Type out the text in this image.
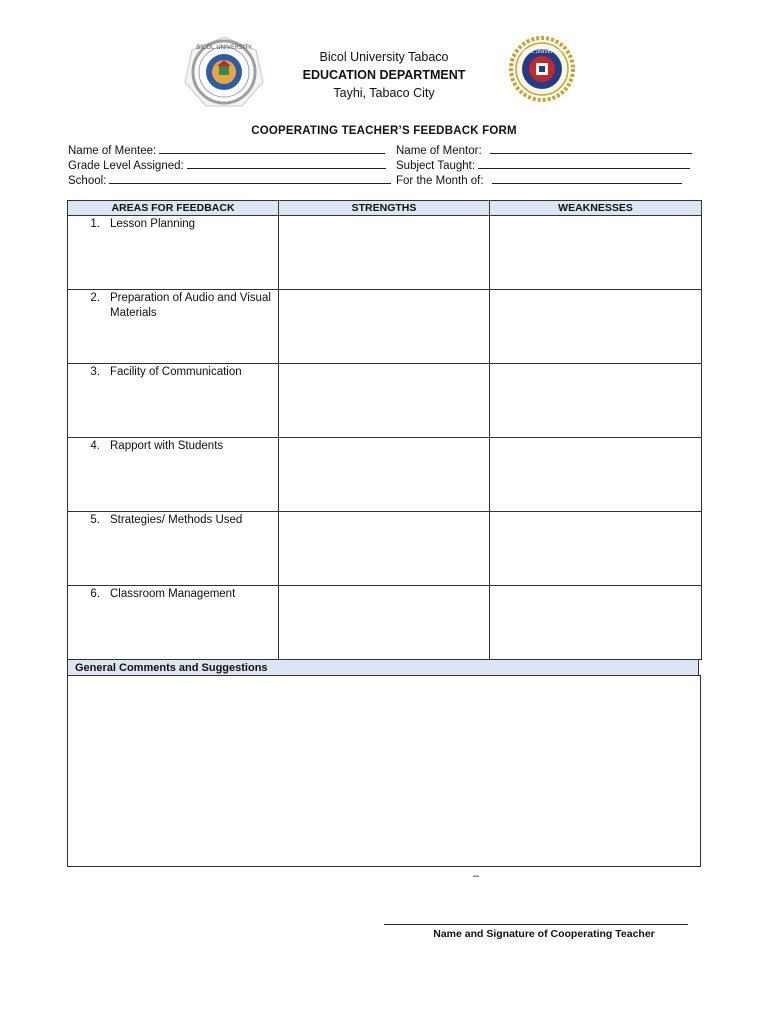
BICOL UNIVERSITY
Bicol University Tabaco
EDUCATION DEPARTMENT
Tayhi, Tabaco City
BICOL UNIVERSITY
COOPERATING TEACHER’S FEEDBACK FORM
Name of Mentee:	Name of Mentor:
Grade Level Assigned:	Subject Taught:
School:	For the Month of:
AREAS FOR FEEDBACK	STRENGTHS	WEAKNESSES

1. Lesson Planning		

2. Preparation of Audio and Visual Materials		

3. Facility of Communication		

4. Rapport with Students		

5. Strategies/ Methods Used		

6. Classroom Management		

General Comments and Suggestions
–
Name and Signature of Cooperating Teacher
